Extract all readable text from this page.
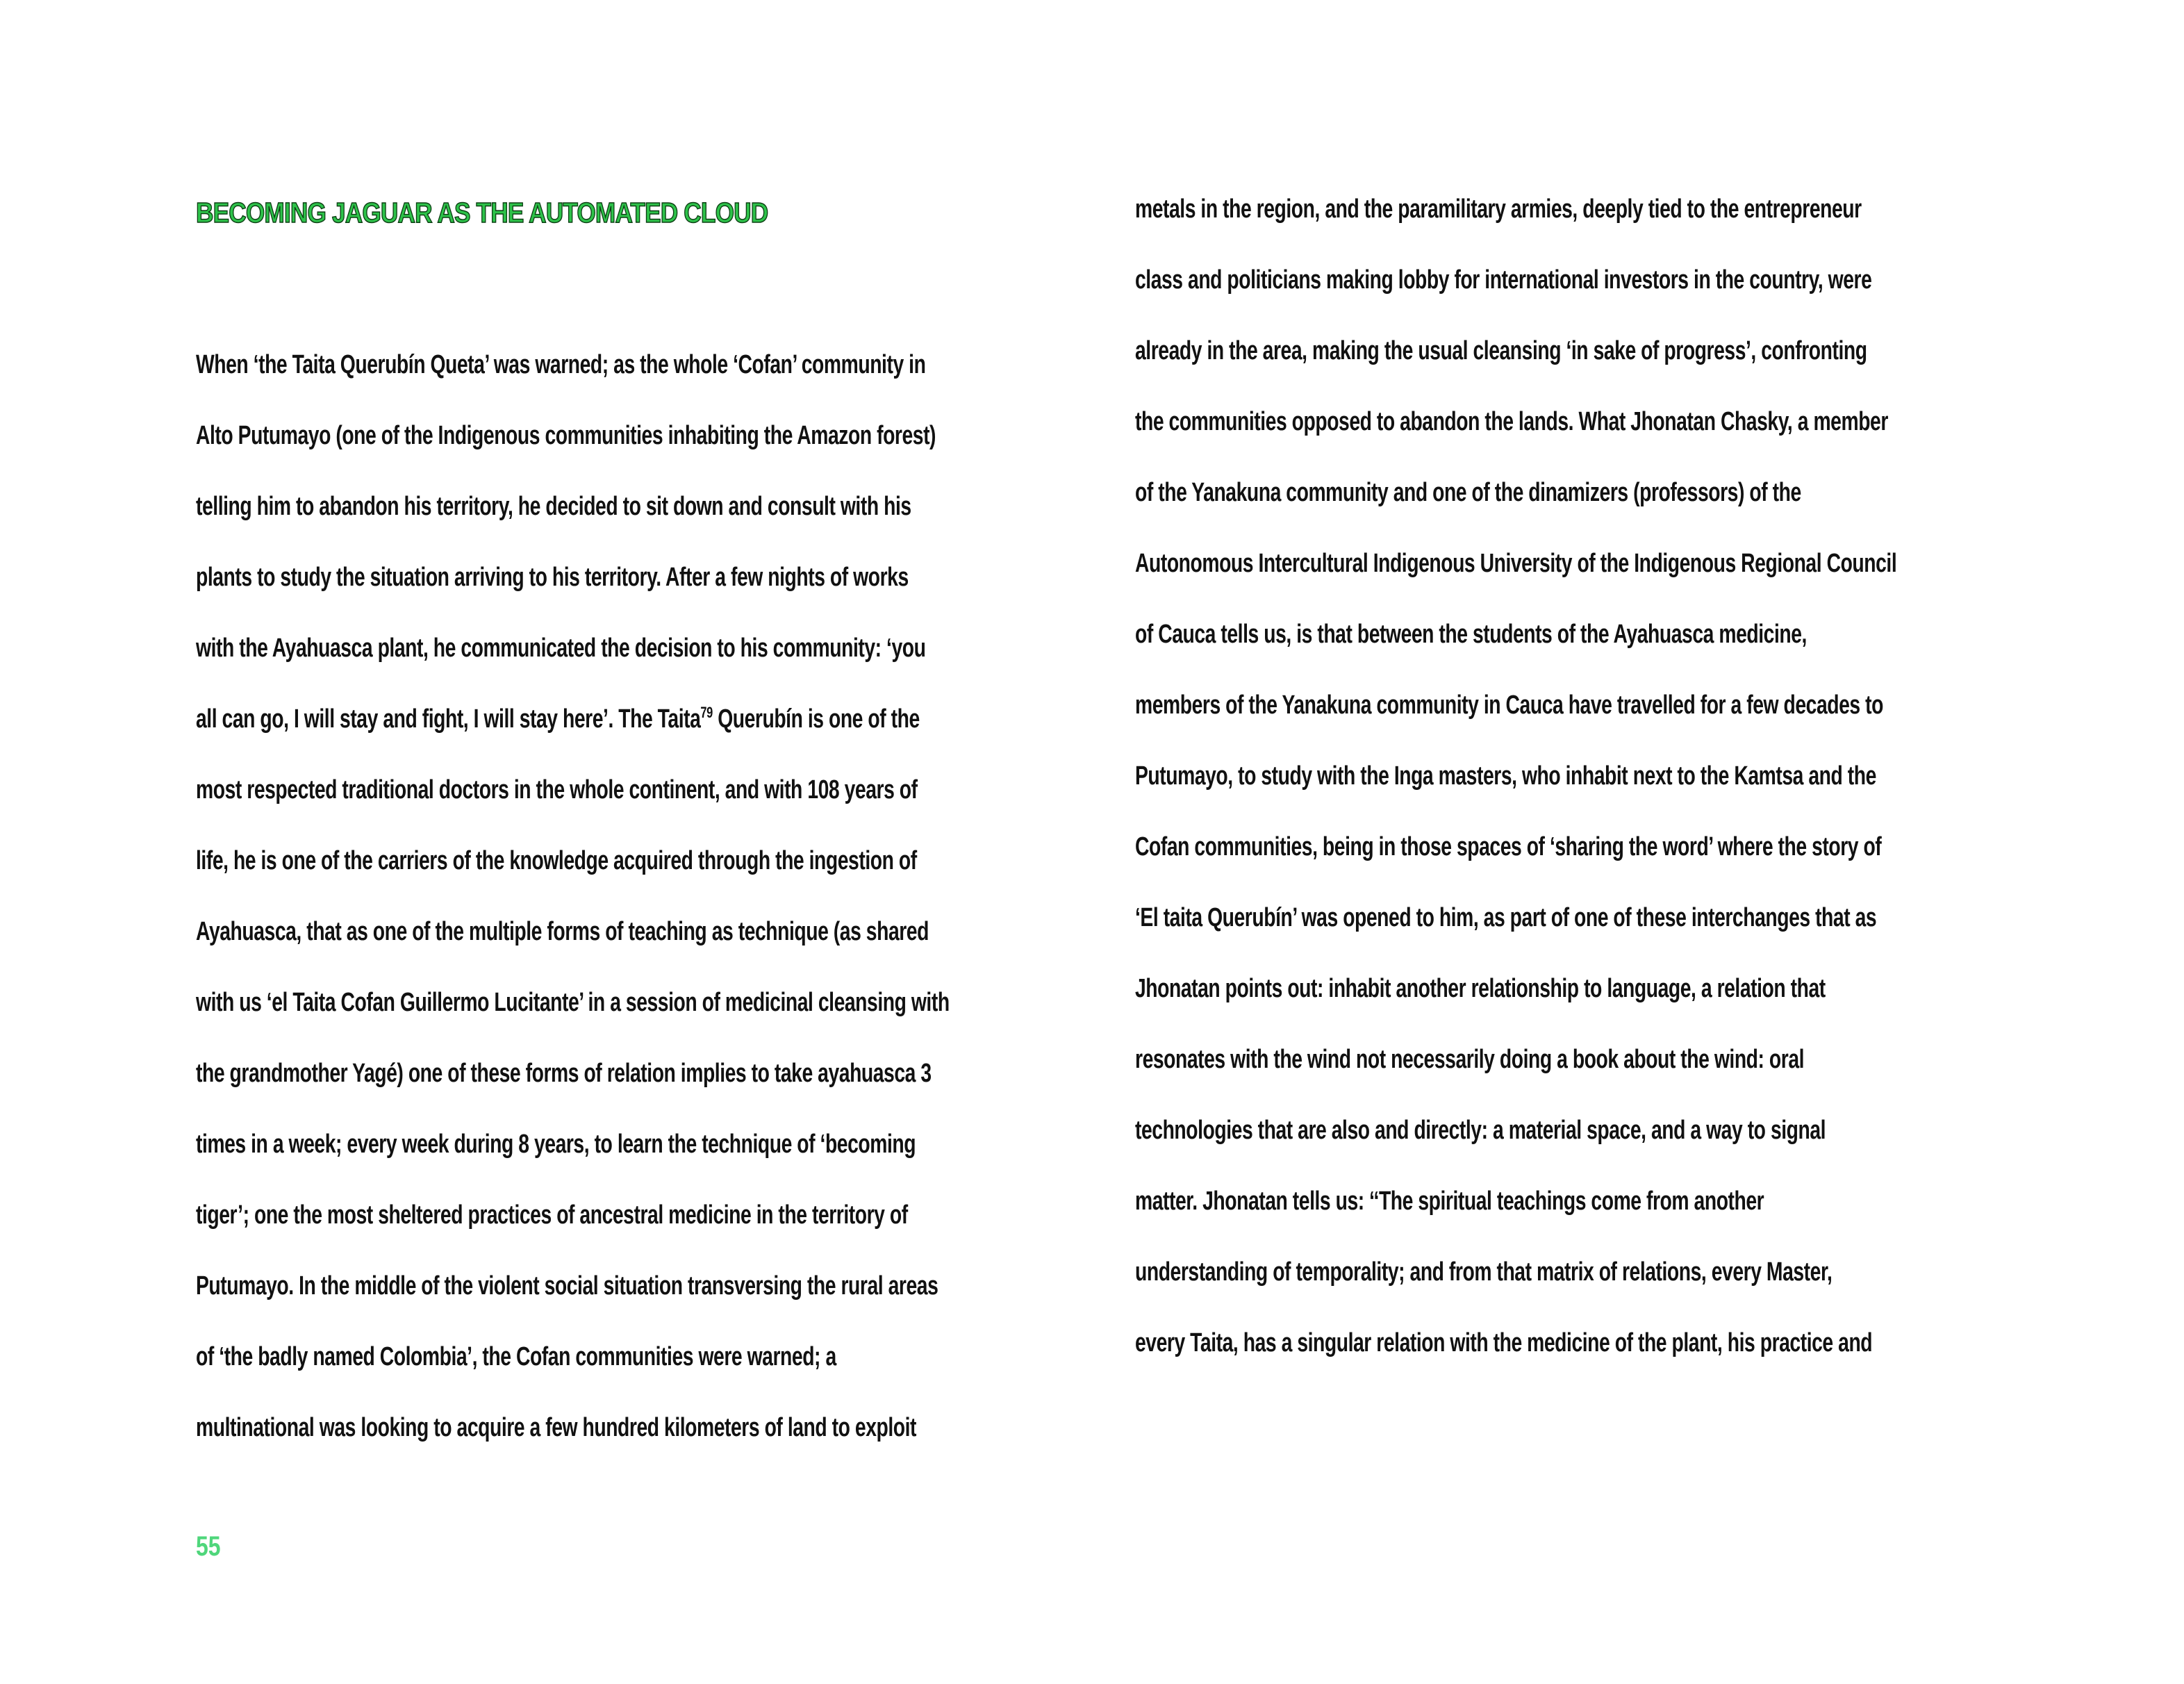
BECOMING JAGUAR AS THE AUTOMATED CLOUD
When ‘the Taita Querubín Queta’ was warned; as the whole ‘Cofan’ community in
Alto Putumayo (one of the Indigenous communities inhabiting the Amazon forest)
telling him to abandon his territory, he decided to sit down and consult with his
plants to study the situation arriving to his territory. After a few nights of works
with the Ayahuasca plant, he communicated the decision to his community: ‘you
all can go, I will stay and fight, I will stay here’. The Taita$^{79}$ Querubín is one of the
most respected traditional doctors in the whole continent, and with 108 years of
life, he is one of the carriers of the knowledge acquired through the ingestion of
Ayahuasca, that as one of the multiple forms of teaching as technique (as shared
with us ‘el Taita Cofan Guillermo Lucitante’ in a session of medicinal cleansing with
the grandmother Yagé) one of these forms of relation implies to take ayahuasca 3
times in a week; every week during 8 years, to learn the technique of ‘becoming
tiger’; one the most sheltered practices of ancestral medicine in the territory of
Putumayo. In the middle of the violent social situation transversing the rural areas
of ‘the badly named Colombia’, the Cofan communities were warned; a
multinational was looking to acquire a few hundred kilometers of land to exploit
metals in the region, and the paramilitary armies, deeply tied to the entrepreneur
class and politicians making lobby for international investors in the country, were
already in the area, making the usual cleansing ‘in sake of progress’, confronting
the communities opposed to abandon the lands. What Jhonatan Chasky, a member
of the Yanakuna community and one of the dinamizers (professors) of the
Autonomous Intercultural Indigenous University of the Indigenous Regional Council
of Cauca tells us, is that between the students of the Ayahuasca medicine,
members of the Yanakuna community in Cauca have travelled for a few decades to
Putumayo, to study with the Inga masters, who inhabit next to the Kamtsa and the
Cofan communities, being in those spaces of ‘sharing the word’ where the story of
‘El taita Querubín’ was opened to him, as part of one of these interchanges that as
Jhonatan points out: inhabit another relationship to language, a relation that
resonates with the wind not necessarily doing a book about the wind: oral
technologies that are also and directly: a material space, and a way to signal
matter. Jhonatan tells us: ‘‘The spiritual teachings come from another
understanding of temporality; and from that matrix of relations, every Master,
every Taita, has a singular relation with the medicine of the plant, his practice and
55
